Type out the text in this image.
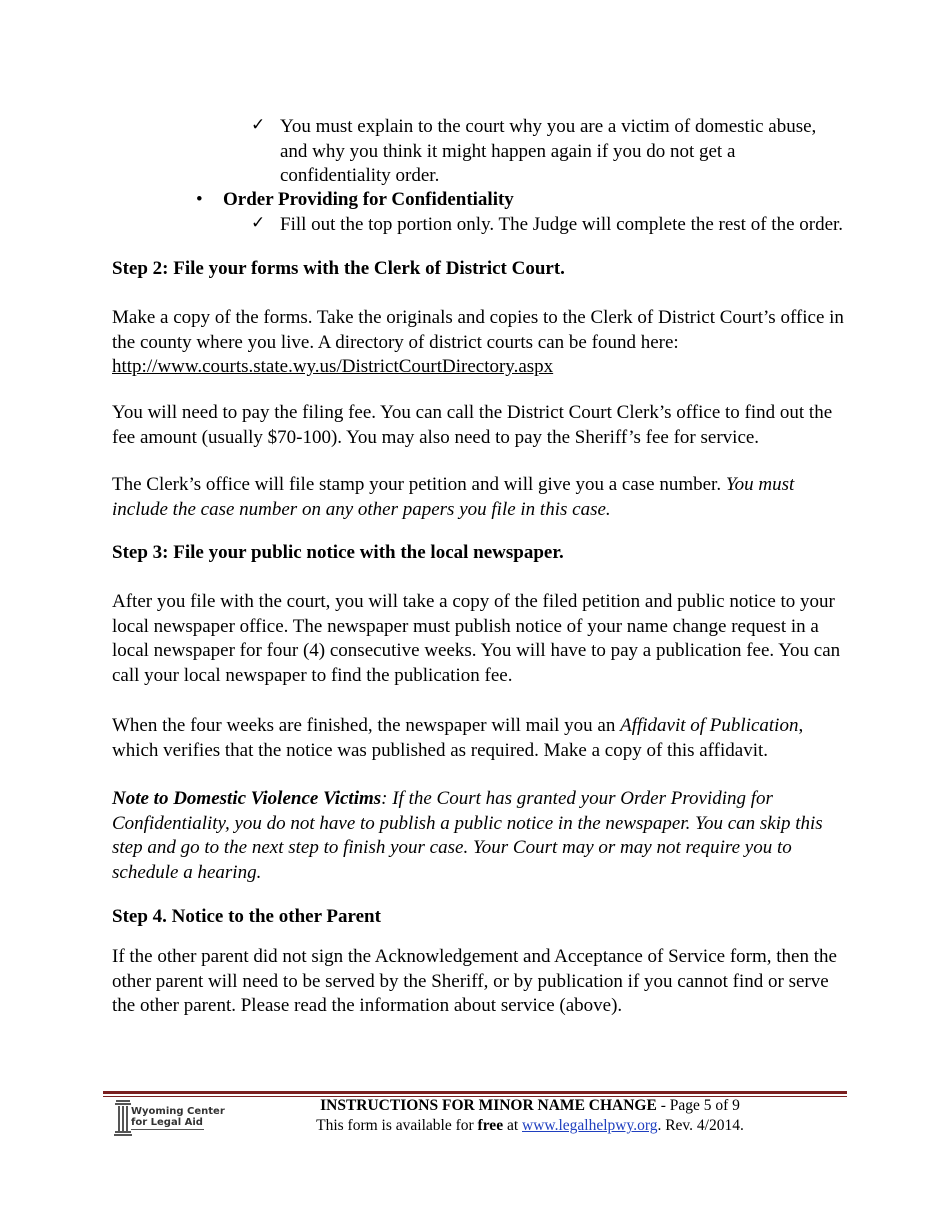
✓ You must explain to the court why you are a victim of domestic abuse,
and why you think it might happen again if you do not get a
confidentiality order.
• Order Providing for Confidentiality
✓ Fill out the top portion only. The Judge will complete the rest of the order.
Step 2: File your forms with the Clerk of District Court.
Make a copy of the forms. Take the originals and copies to the Clerk of District Court’s office in
the county where you live. A directory of district courts can be found here:
http://www.courts.state.wy.us/DistrictCourtDirectory.aspx
You will need to pay the filing fee. You can call the District Court Clerk’s office to find out the
fee amount (usually $70-100). You may also need to pay the Sheriff’s fee for service.
The Clerk’s office will file stamp your petition and will give you a case number. You must
include the case number on any other papers you file in this case.
Step 3: File your public notice with the local newspaper.
After you file with the court, you will take a copy of the filed petition and public notice to your
local newspaper office. The newspaper must publish notice of your name change request in a
local newspaper for four (4) consecutive weeks. You will have to pay a publication fee. You can
call your local newspaper to find the publication fee.
When the four weeks are finished, the newspaper will mail you an Affidavit of Publication,
which verifies that the notice was published as required. Make a copy of this affidavit.
Note to Domestic Violence Victims: If the Court has granted your Order Providing for
Confidentiality, you do not have to publish a public notice in the newspaper. You can skip this
step and go to the next step to finish your case. Your Court may or may not require you to
schedule a hearing.
Step 4. Notice to the other Parent
If the other parent did not sign the Acknowledgement and Acceptance of Service form, then the
other parent will need to be served by the Sheriff, or by publication if you cannot find or serve
the other parent. Please read the information about service (above).
Wyoming Center
for Legal Aid
INSTRUCTIONS FOR MINOR NAME CHANGE - Page 5 of 9
This form is available for free at www.legalhelpwy.org. Rev. 4/2014.
